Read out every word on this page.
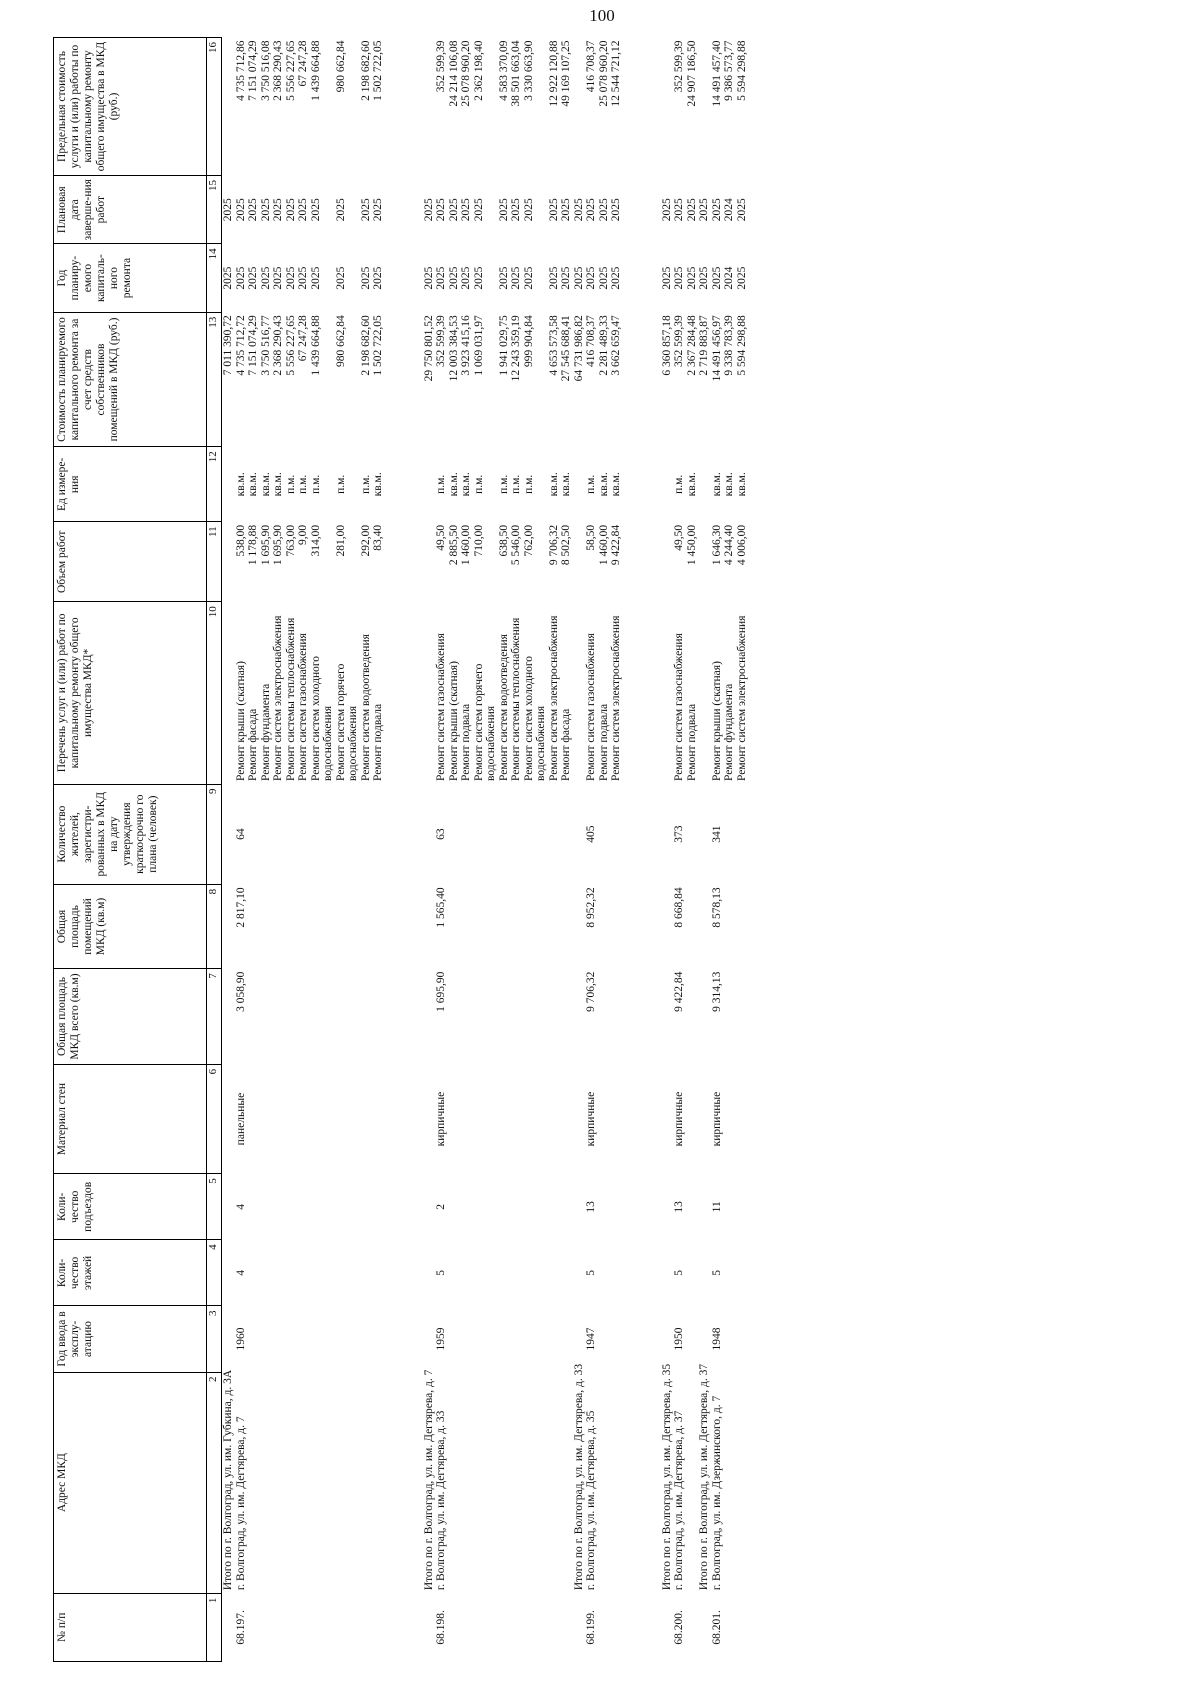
100
№ п/п	Адрес МКД	Год ввода в эксплу-атацию	Коли-чество этажей	Коли-чество подъездов	Материал стен	Общая площадь МКД всего (кв.м)	Общая площадь помещений МКД (кв.м)	Количество жителей, зарегистри-рованных в МКД на дату утверждения краткосрочно го плана (человек)	Перечень услуг и (или) работ по капитальному ремонту общего имущества МКД*	Объем работ	Ед измере-ния	Стоимость планируемого капитального ремонта за счет средств собственников помещений в МКД (руб.)	Год планиру-емого капиталь-ного ремонта	Плановая дата заверше-ния работ	Предельная стоимость услуги и (или) работы по капитальному ремонту общего имущества в МКД (руб.)
1	2	3	4	5	6	7	8	9	10	11	12	13	14	15	16
	Итого по г. Волгоград, ул. им. Губкина, д. 3А											7 011 390,72	2025	2025	
68.197.	г. Волгоград, ул. им. Дегтярева, д. 7	1960	4	4	панельные	3 058,90	2 817,10	64	Ремонт крыши (скатная)	538,00	кв.м.	4 735 712,72	2025	2025	4 735 712,86
									Ремонт фасада	1 178,88	кв.м.	7 151 074,29	2025	2025	7 151 074,29
									Ремонт фундамента	1 695,90	кв.м.	3 750 516,77	2025	2025	3 750 516,08
									Ремонт систем электроснабжения	1 695,90	кв.м.	2 368 290,43	2025	2025	2 368 290,43
									Ремонт системы теплоснабжения	763,00	п.м.	5 556 227,65	2025	2025	5 556 227,65
									Ремонт систем газоснабжения	9,00	п.м.	67 247,28	2025	2025	67 247,28
									Ремонт систем холодного водоснабжения	314,00	п.м.	1 439 664,88	2025	2025	1 439 664,88
									Ремонт систем горячего водоснабжения	281,00	п.м.	980 662,84	2025	2025	980 662,84
									Ремонт систем водоотведения	292,00	п.м.	2 198 682,60	2025	2025	2 198 682,60
									Ремонт подвала	83,40	кв.м.	1 502 722,05	2025	2025	1 502 722,05

	Итого по г. Волгоград, ул. им. Дегтярева, д. 7											29 750 801,52	2025	2025	
68.198.	г. Волгоград, ул. им. Дегтярева, д. 33	1959	5	2	кирпичные	1 695,90	1 565,40	63	Ремонт систем газоснабжения	49,50	п.м.	352 599,39	2025	2025	352 599,39
									Ремонт крыши (скатная)	2 885,50	кв.м.	12 003 384,53	2025	2025	24 214 106,08
									Ремонт подвала	1 460,00	кв.м.	3 923 415,16	2025	2025	25 078 960,20
									Ремонт систем горячего водоснабжения	710,00	п.м.	1 069 031,97	2025	2025	2 362 198,40
									Ремонт систем водоотведения	638,50	п.м.	1 941 029,75	2025	2025	4 583 370,09
									Ремонт системы теплоснабжения	5 546,00	п.м.	12 243 359,19	2025	2025	38 501 663,04
									Ремонт систем холодного водоснабжения	762,00	п.м.	999 904,84	2025	2025	3 330 663,90
									Ремонт систем электроснабжения	9 706,32	кв.м.	4 653 573,58	2025	2025	12 922 120,88
									Ремонт фасада	8 502,50	кв.м.	27 545 688,41	2025	2025	49 169 107,25
	Итого по г. Волгоград, ул. им. Дегтярева, д. 33											64 731 986,82	2025	2025	
68.199.	г. Волгоград, ул. им. Дегтярева, д. 35	1947	5	13	кирпичные	9 706,32	8 952,32	405	Ремонт систем газоснабжения	58,50	п.м.	416 708,37	2025	2025	416 708,37
									Ремонт подвала	1 460,00	кв.м.	2 281 489,33	2025	2025	25 078 960,20
									Ремонт систем электроснабжения	9 422,84	кв.м.	3 662 659,47	2025	2025	12 544 721,12

	Итого по г. Волгоград, ул. им. Дегтярева, д. 35											6 360 857,18	2025	2025	
68.200.	г. Волгоград, ул. им. Дегтярева, д. 37	1950	5	13	кирпичные	9 422,84	8 668,84	373	Ремонт систем газоснабжения	49,50	п.м.	352 599,39	2025	2025	352 599,39
									Ремонт подвала	1 450,00	кв.м.	2 367 284,48	2025	2025	24 907 186,50
	Итого по г. Волгоград, ул. им. Дегтярева, д. 37											2 719 883,87	2025	2025	
68.201.	г. Волгоград, ул. им. Дзержинского, д. 7	1948	5	11	кирпичные	9 314,13	8 578,13	341	Ремонт крыши (скатная)	1 646,30	кв.м.	14 491 456,97	2025	2025	14 491 457,40
									Ремонт фундамента	4 244,40	кв.м.	9 338 783,39	2024	2024	9 386 573,77
									Ремонт систем электроснабжения	4 006,00	кв.м.	5 594 298,88	2025	2025	5 594 298,88
